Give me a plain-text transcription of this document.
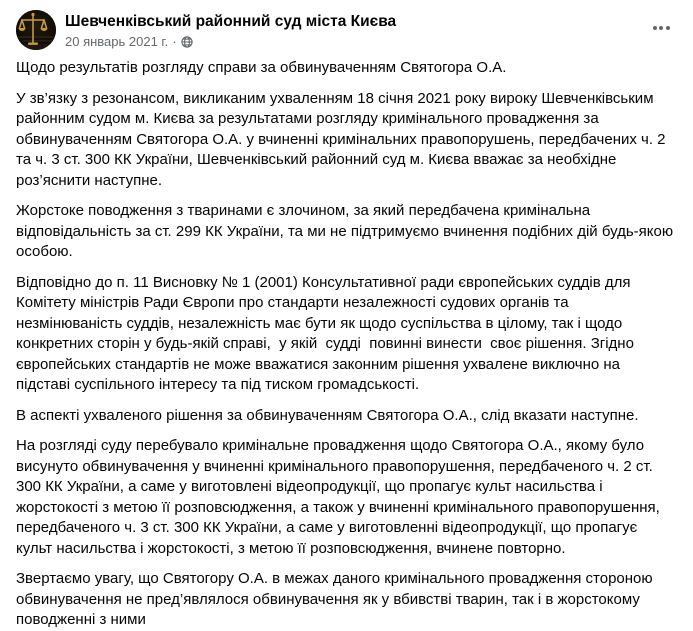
Шевченківський районний суд міста Києва
20 январь 2021 г. ·

Щодо результатів розгляду справи за обвинуваченням Святогора О.А.

У зв’язку з резонансом, викликаним ухваленням 18 січня 2021 року вироку Шевченківським районним судом м. Києва за результатами розгляду кримінального провадження за обвинуваченням Святогора О.А. у вчиненні кримінальних правопорушень, передбачених ч. 2 та ч. 3 ст. 300 КК України, Шевченківський районний суд м. Києва вважає за необхідне роз’яснити наступне.

Жорстоке поводження з тваринами є злочином, за який передбачена кримінальна відповідальність за ст. 299 КК України, та ми не підтримуємо вчинення подібних дій будь-якою особою.

Відповідно до п. 11 Висновку № 1 (2001) Консультативної ради європейських суддів для Комітету міністрів Ради Європи про стандарти незалежності судових органів та незмінюваність суддів, незалежність має бути як щодо суспільства в цілому, так і щодо конкретних сторін у будь-якій справі,  у якій  судді  повинні винести  своє рішення. Згідно європейських стандартів не може вважатися законним рішення ухвалене виключно на підставі суспільного інтересу та під тиском громадськості.

В аспекті ухваленого рішення за обвинуваченням Святогора О.А., слід вказати наступне.

На розгляді суду перебувало кримінальне провадження щодо Святогора О.А., якому було висунуто обвинувачення у вчиненні кримінального правопорушення, передбаченого ч. 2 ст. 300 КК України, а саме у виготовлені відеопродукції, що пропагує культ насильства і жорстокості з метою її розповсюдження, а також у вчиненні кримінального правопорушення, передбаченого ч. 3 ст. 300 КК України, а саме у виготовленні відеопродукції, що пропагує культ насильства і жорстокості, з метою її розповсюдження, вчинене повторно.

Звертаємо увагу, що Святогору О.А. в межах даного кримінального провадження стороною обвинувачення не пред’являлося обвинувачення як у вбивстві тварин, так і в жорстокому поводженні з ними
